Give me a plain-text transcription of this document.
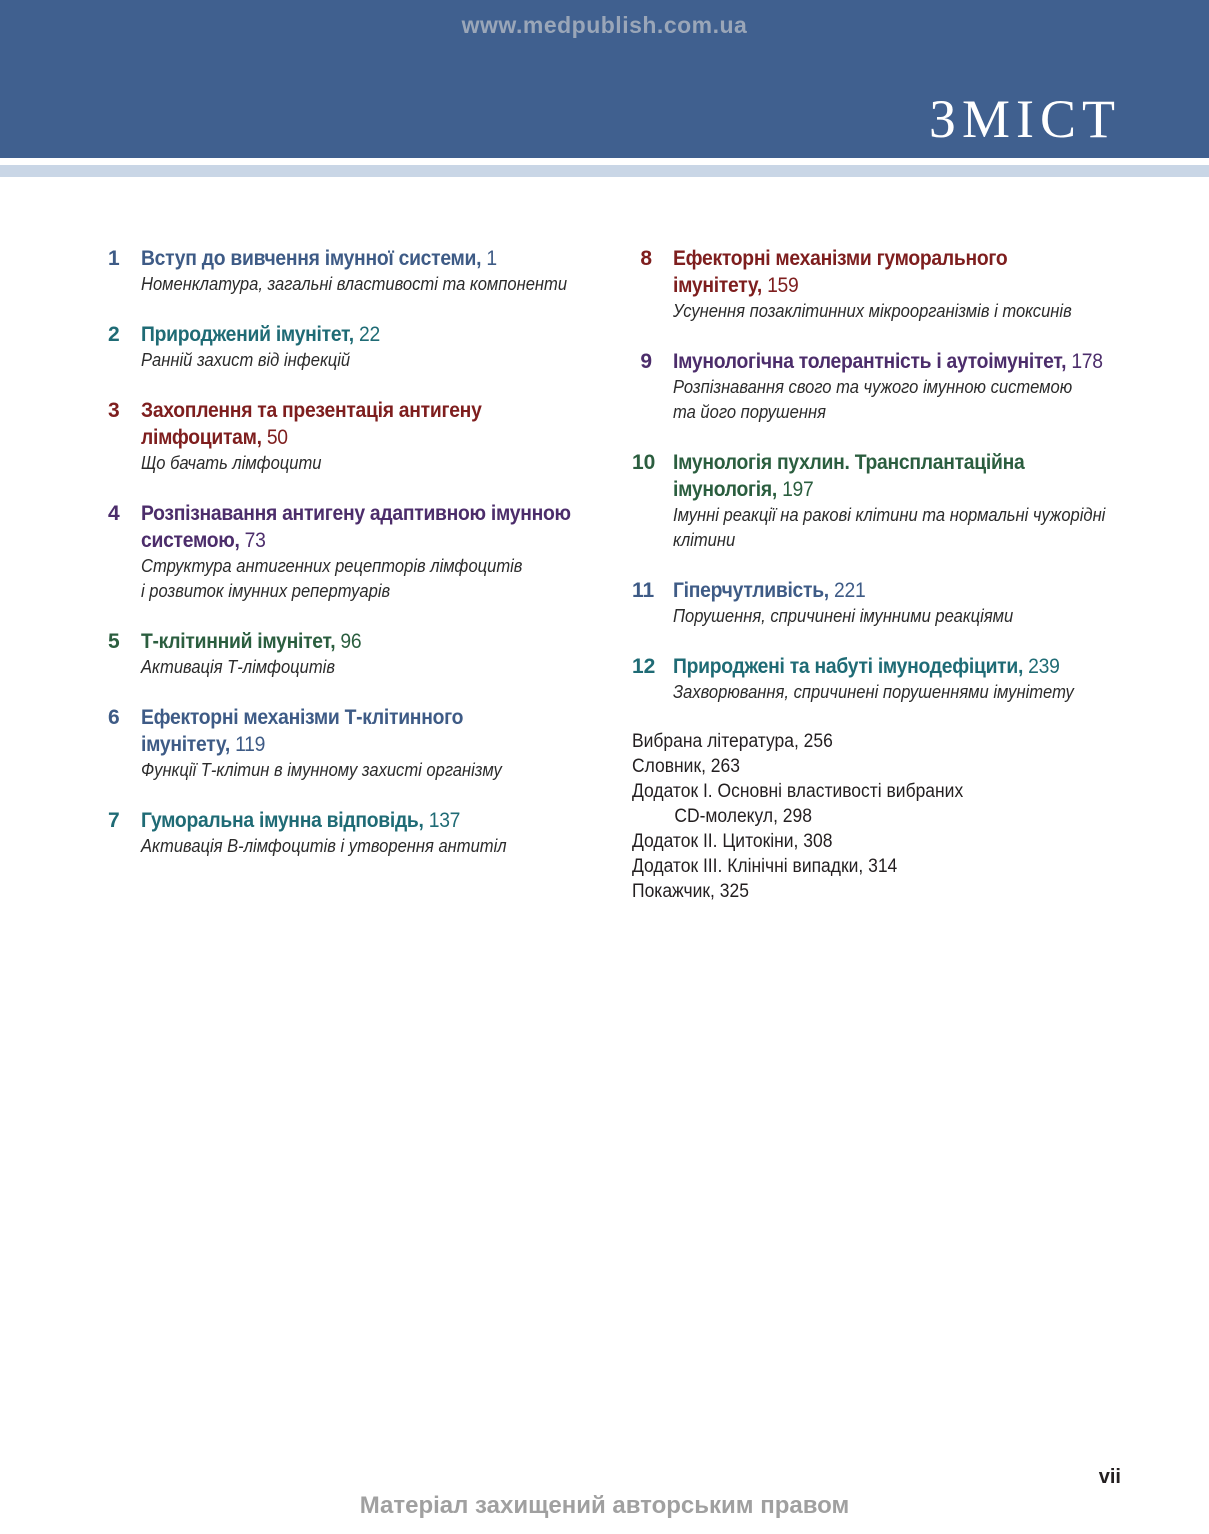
www.medpublish.com.ua
ЗМІСТ
1 Вступ до вивчення імунної системи, 1
Номенклатура, загальні властивості та компоненти
2 Природжений імунітет, 22
Ранній захист від інфекцій
3 Захоплення та презентація антигену
лімфоцитам, 50
Що бачать лімфоцити
4 Розпізнавання антигену адаптивною імунною
системою, 73
Структура антигенних рецепторів лімфоцитів
і розвиток імунних репертуарів
5 Т-клітинний імунітет, 96
Активація Т-лімфоцитів
6 Ефекторні механізми Т-клітинного
імунітету, 119
Функції Т-клітин в імунному захисті організму
7 Гуморальна імунна відповідь, 137
Активація В-лімфоцитів і утворення антитіл
8 Ефекторні механізми гуморального
імунітету, 159
Усунення позаклітинних мікроорганізмів і токсинів
9 Імунологічна толерантність і аутоімунітет, 178
Розпізнавання свого та чужого імунною системою
та його порушення
10 Імунологія пухлин. Трансплантаційна
імунологія, 197
Імунні реакції на ракові клітини та нормальні чужорідні
клітини
11 Гіперчутливість, 221
Порушення, спричинені імунними реакціями
12 Природжені та набуті імунодефіцити, 239
Захворювання, спричинені порушеннями імунітету
Вибрана література, 256
Словник, 263
Додаток І. Основні властивості вибраних
CD-молекул, 298
Додаток ІІ. Цитокіни, 308
Додаток ІІІ. Клінічні випадки, 314
Покажчик, 325
vii
Матеріал захищений авторським правом
